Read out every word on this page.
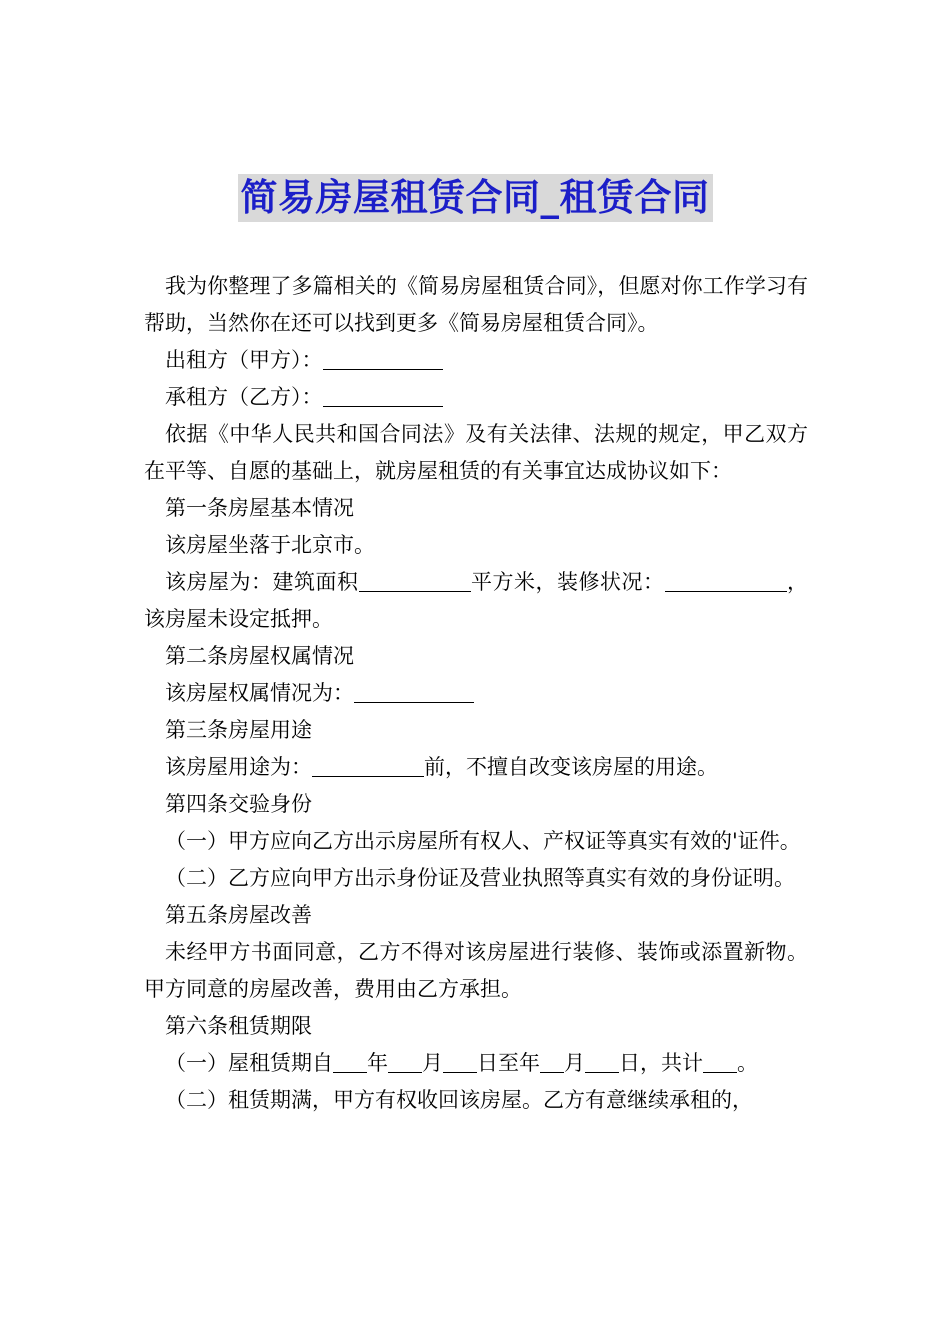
简易房屋租赁合同_租赁合同

我为你整理了多篇相关的《简易房屋租赁合同》，但愿对你工作学习有帮助，当然你在还可以找到更多《简易房屋租赁合同》。

出租方（甲方）：

承租方（乙方）：

依据《中华人民共和国合同法》及有关法律、法规的规定，甲乙双方在平等、自愿的基础上，就房屋租赁的有关事宜达成协议如下：

第一条房屋基本情况

该房屋坐落于北京市。

该房屋为：建筑面积	平方米，装修状况：	，该房屋未设定抵押。

第二条房屋权属情况

该房屋权属情况为：

第三条房屋用途

该房屋用途为：	前，不擅自改变该房屋的用途。

第四条交验身份

（一）甲方应向乙方出示房屋所有权人、产权证等真实有效的'证件。

（二）乙方应向甲方出示身份证及营业执照等真实有效的身份证明。

第五条房屋改善

未经甲方书面同意，乙方不得对该房屋进行装修、装饰或添置新物。甲方同意的房屋改善，费用由乙方承担。

第六条租赁期限

（一）屋租赁期自 年 月 日至年 月 日，共计 。

（二）租赁期满，甲方有权收回该房屋。乙方有意继续承租的，
